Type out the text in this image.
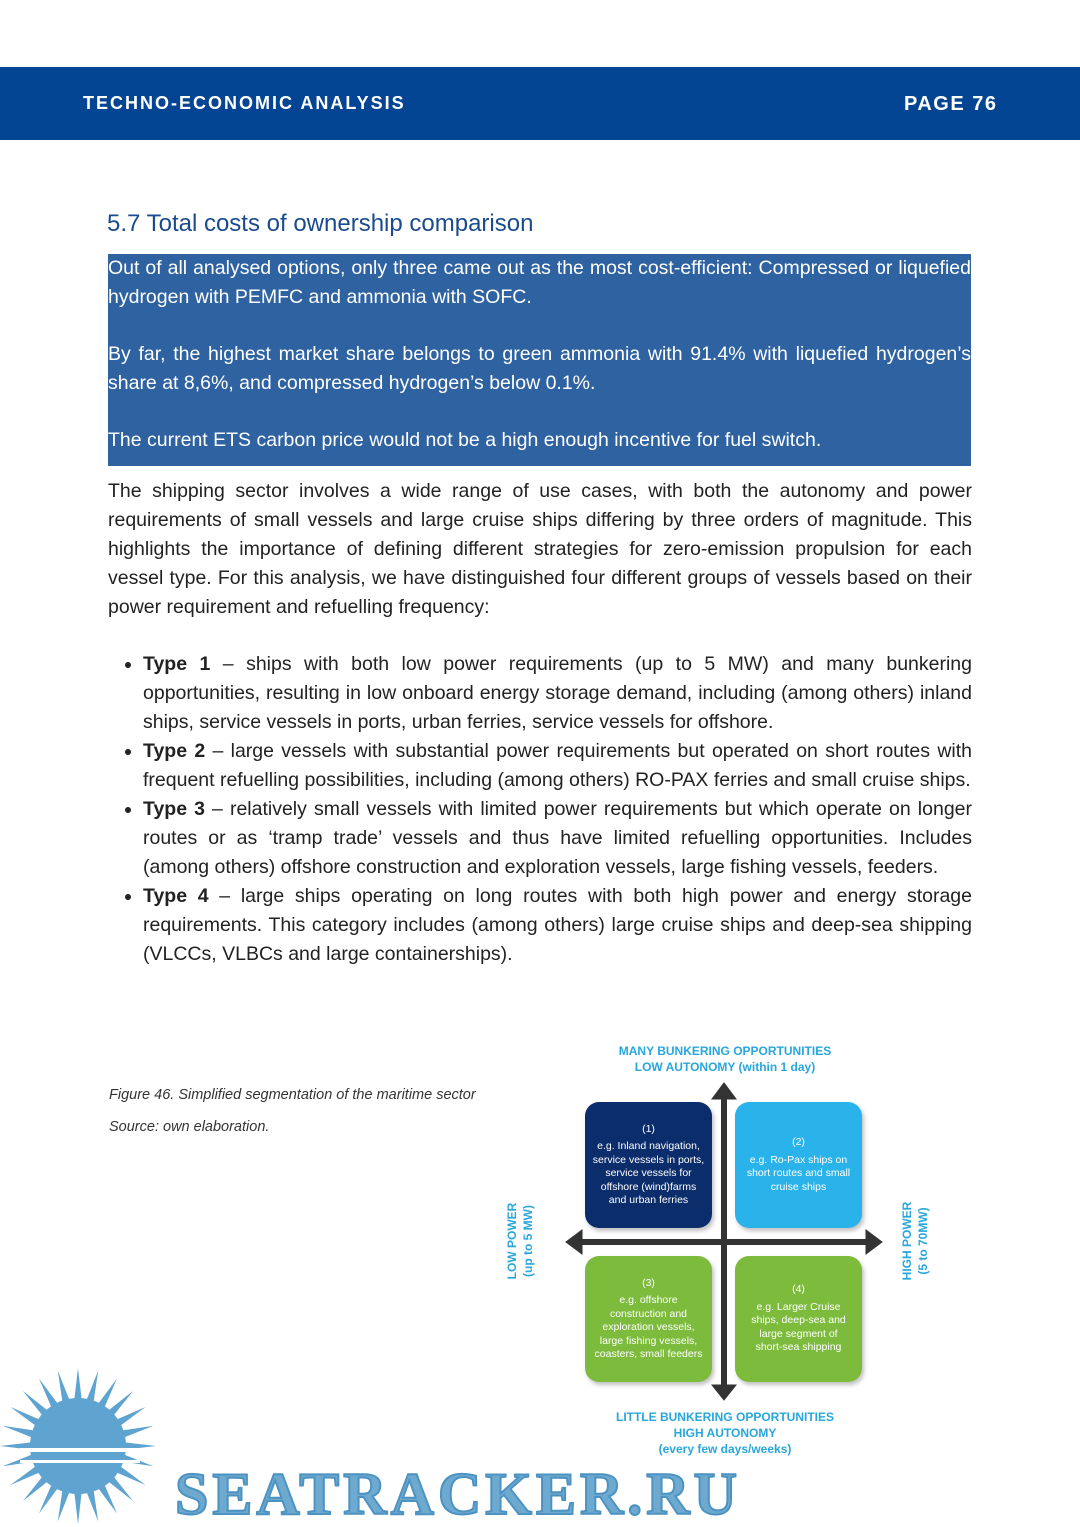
TECHNO-ECONOMIC ANALYSIS	PAGE 76
5.7 Total costs of ownership comparison

Out of all analysed options, only three came out as the most cost-efficient: Compressed or liquefied hydrogen with PEMFC and ammonia with SOFC.

By far, the highest market share belongs to green ammonia with 91.4% with liquefied hydrogen’s share at 8,6%, and compressed hydrogen’s below 0.1%.

The current ETS carbon price would not be a high enough incentive for fuel switch.

The shipping sector involves a wide range of use cases, with both the autonomy and power requirements of small vessels and large cruise ships differing by three orders of magnitude. This highlights the importance of defining different strategies for zero-emission propulsion for each vessel type. For this analysis, we have distinguished four different groups of vessels based on their power requirement and refuelling frequency:

• Type 1 – ships with both low power requirements (up to 5 MW) and many bunkering opportunities, resulting in low onboard energy storage demand, including (among others) inland ships, service vessels in ports, urban ferries, service vessels for offshore.
• Type 2 – large vessels with substantial power requirements but operated on short routes with frequent refuelling possibilities, including (among others) RO-PAX ferries and small cruise ships.
• Type 3 – relatively small vessels with limited power requirements but which operate on longer routes or as ‘tramp trade’ vessels and thus have limited refuelling opportunities. Includes (among others) offshore construction and exploration vessels, large fishing vessels, feeders.
• Type 4 – large ships operating on long routes with both high power and energy storage requirements. This category includes (among others) large cruise ships and deep-sea shipping (VLCCs, VLBCs and large containerships).
Figure 46. Simplified segmentation of the maritime sector
Source: own elaboration.
MANY BUNKERING OPPORTUNITIES
LOW AUTONOMY (within 1 day)
(1)
e.g. Inland navigation, service vessels in ports, service vessels for offshore (wind)farms and urban ferries
(2)
e.g. Ro-Pax ships on short routes and small cruise ships
(3)
e.g. offshore construction and exploration vessels, large fishing vessels, coasters, small feeders
(4)
e.g. Larger Cruise ships, deep-sea and large segment of short-sea shipping
LOW POWER (up to 5 MW)	HIGH POWER (5 to 70MW)
LITTLE BUNKERING OPPORTUNITIES
HIGH AUTONOMY
(every few days/weeks)
SEATRACKER.RU
